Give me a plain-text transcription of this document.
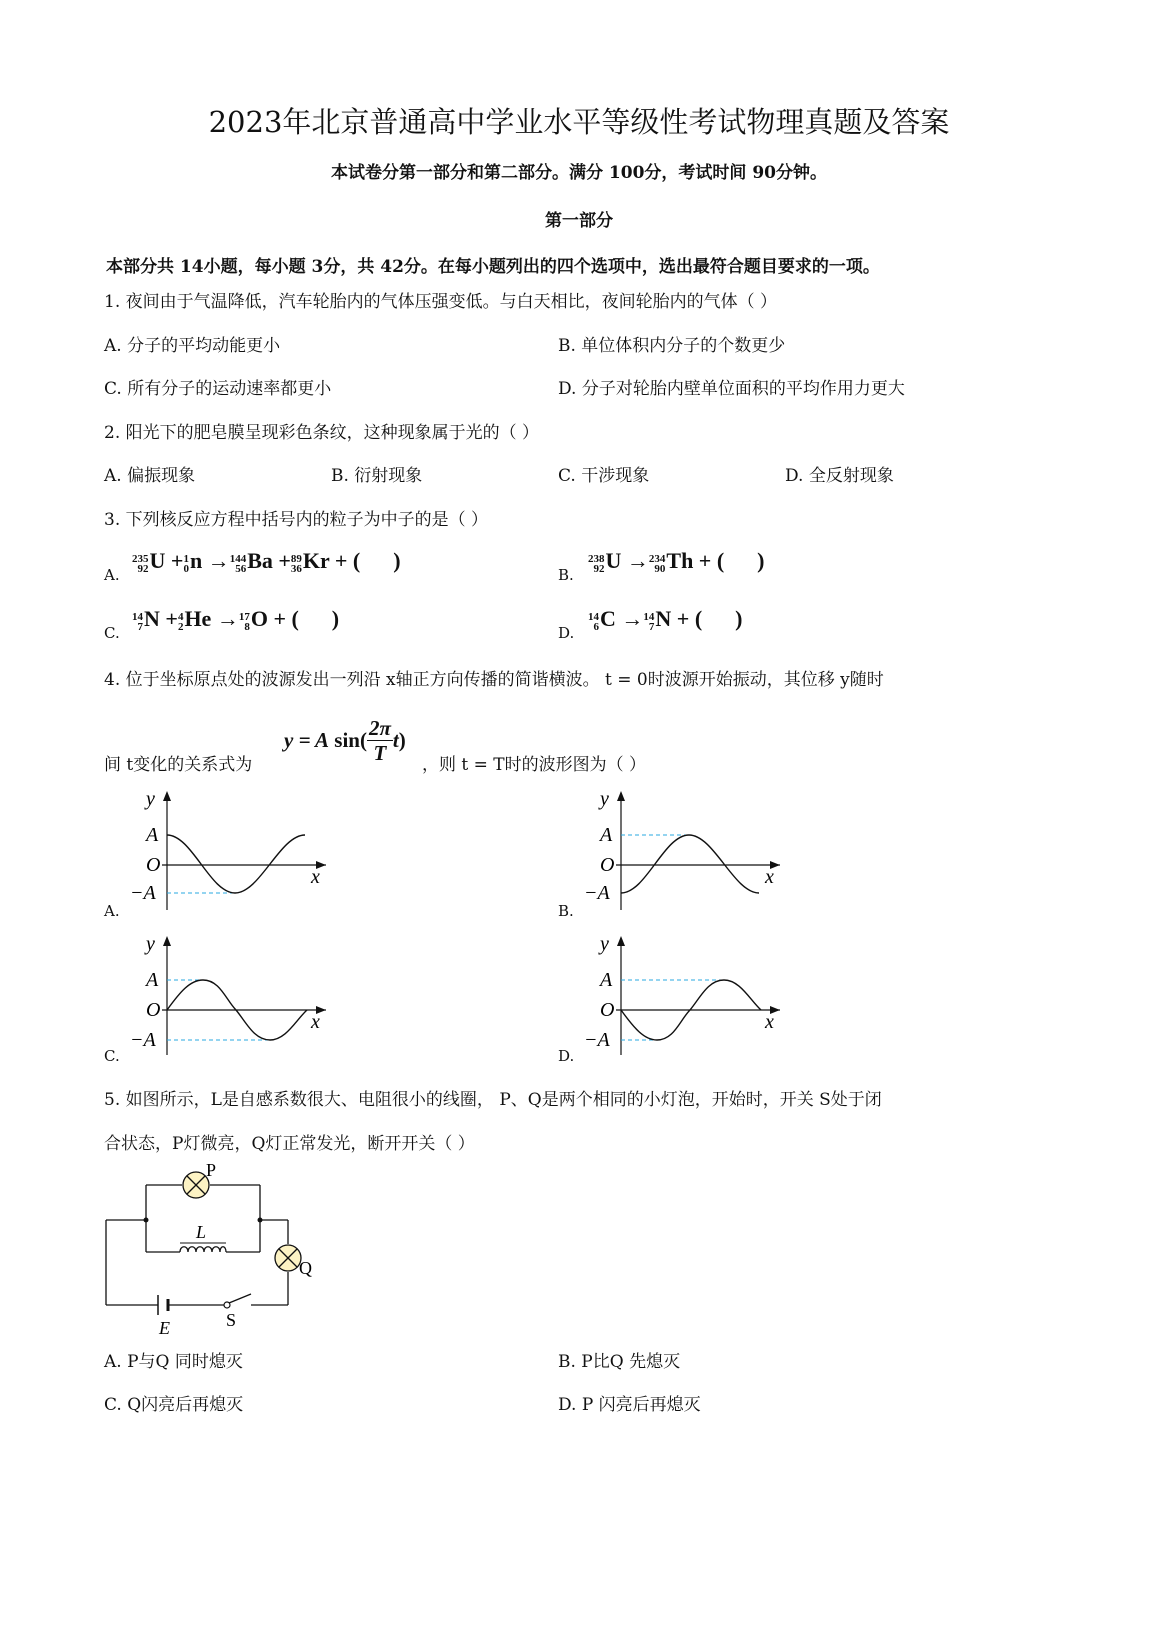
2023年北京普通高中学业水平等级性考试物理真题及答案
本试卷分第一部分和第二部分。满分 100分，考试时间 90分钟。
第一部分
本部分共 14小题，每小题 3分，共 42分。在每小题列出的四个选项中，选出最符合题目要求的一项。
1. 夜间由于气温降低，汽车轮胎内的气体压强变低。与白天相比，夜间轮胎内的气体（ ）
A. 分子的平均动能更小	B. 单位体积内分子的个数更少
C. 所有分子的运动速率都更小	D. 分子对轮胎内壁单位面积的平均作用力更大
2. 阳光下的肥皂膜呈现彩色条纹，这种现象属于光的（ ）
A. 偏振现象	B. 衍射现象	C. 干涉现象	D. 全反射现象
3. 下列核反应方程中括号内的粒子为中子的是（ ）
A.
235
92 U + 1
0 n → 144
56 Ba + 89
36 Kr + (      )
B.
238
92 U → 234
90 Th + (      )
C.
14
7 N + 4
2 He → 17
8 O + (      )
D.
14
6 C → 14
7 N + (      )
4. 位于坐标原点处的波源发出一列沿 x轴正方向传播的简谐横波。 t = 0时波源开始振动，其位移 y随时
间 t变化的关系式为
y = A $\sin( \frac{2\pi}{T} t)$
，则 t = T时的波形图为（ ）
y
A
O
−A
x
A.
y
A
O
−A
x
B.
y
A
O
−A
x
C.
y
A
O
−A
x
D.
5. 如图所示，L是自感系数很大、电阻很小的线圈， P、Q是两个相同的小灯泡，开始时，开关 S处于闭
合状态，P灯微亮，Q灯正常发光，断开开关（ ）
P
Q
L
E	S
A. P与Q 同时熄灭	B. P比Q 先熄灭
C. Q闪亮后再熄灭	D. P 闪亮后再熄灭
